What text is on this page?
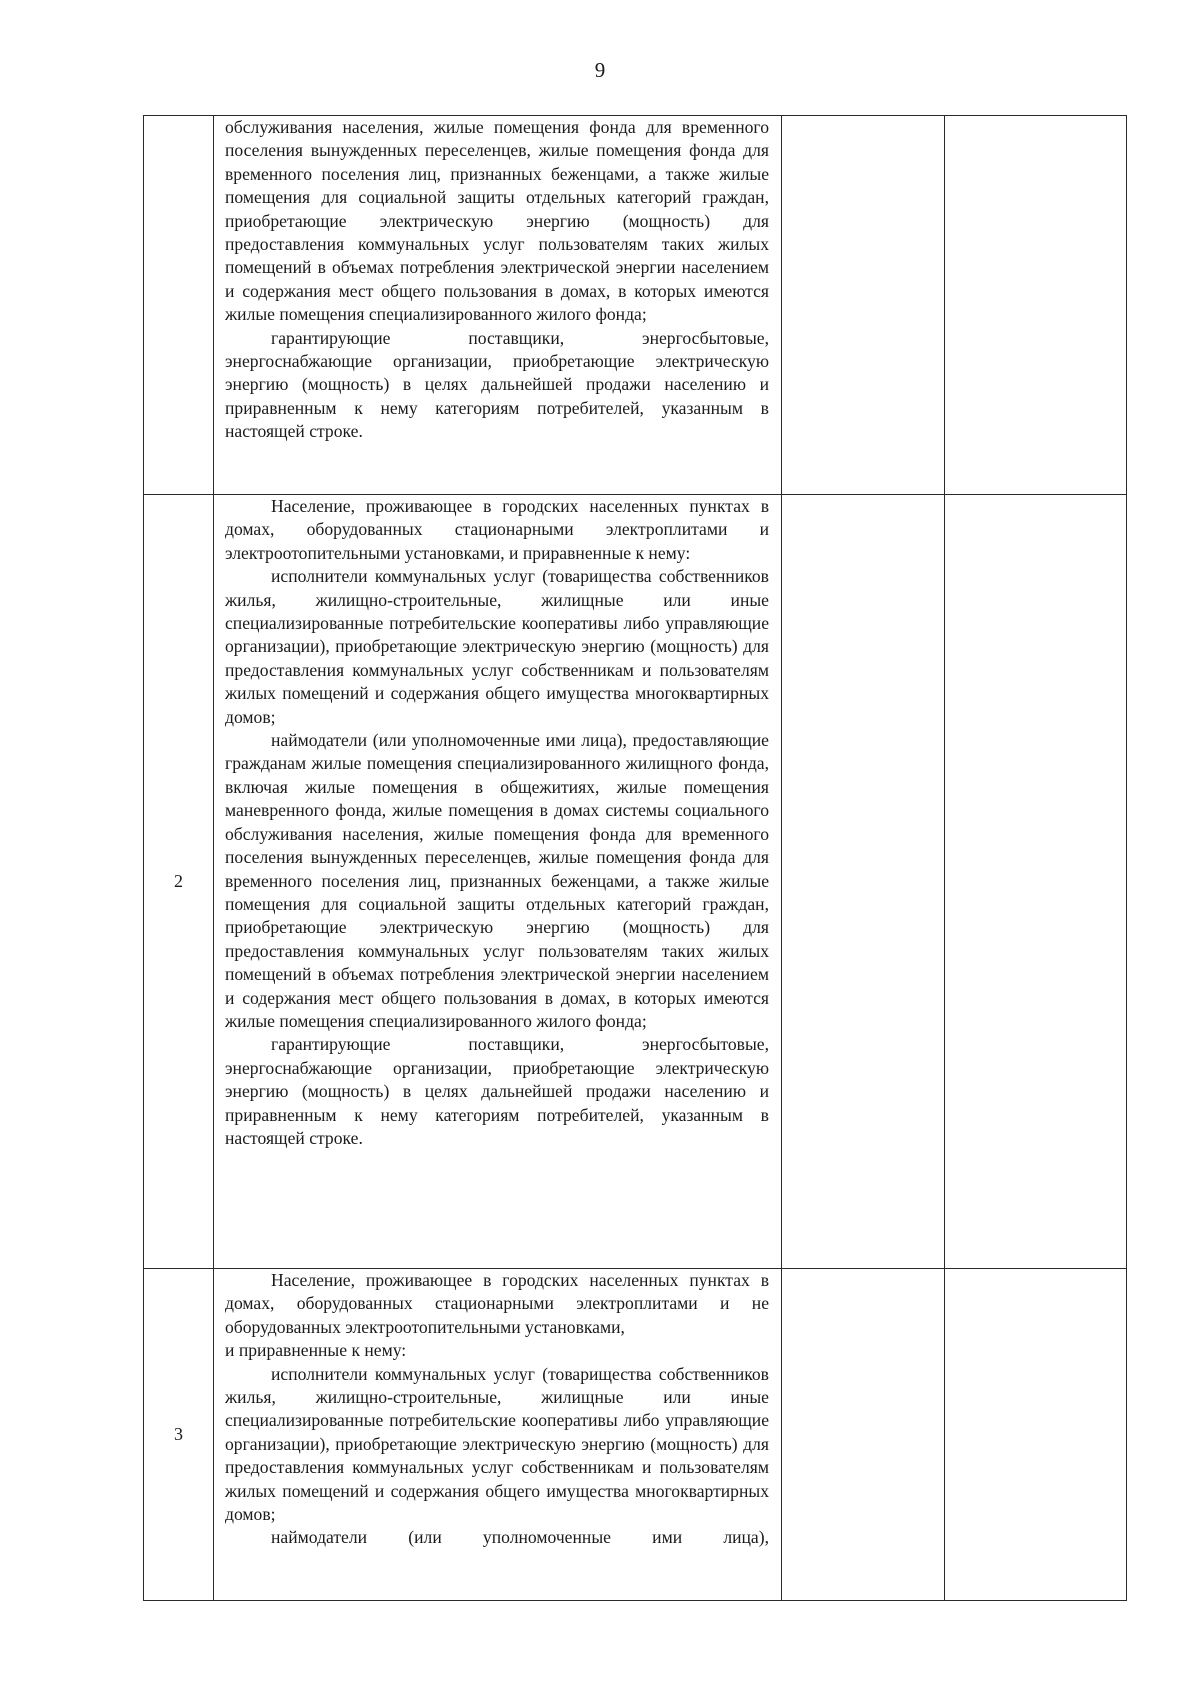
9

	обслуживания населения, жилые помещения фонда для временного поселения вынужденных переселенцев, жилые помещения фонда для временного поселения лиц, признанных беженцами, а также жилые помещения для социальной защиты отдельных категорий граждан, приобретающие электрическую энергию (мощность) для предоставления коммунальных услуг пользователям таких жилых помещений в объемах потребления электрической энергии населением и содержания мест общего пользования в домах, в которых имеются жилые помещения специализированного жилого фонда;

гарантирующие поставщики, энергосбытовые, энергоснабжающие организации, приобретающие электрическую энергию (мощность) в целях дальнейшей продажи населению и приравненным к нему категориям потребителей, указанным в настоящей строке.		

2	Население, проживающее в городских населенных пунктах в домах, оборудованных стационарными электроплитами и электроотопительными установками, и приравненные к нему:

исполнители коммунальных услуг (товарищества собственников жилья, жилищно-строительные, жилищные или иные специализированные потребительские кооперативы либо управляющие организации), приобретающие электрическую энергию (мощность) для предоставления коммунальных услуг собственникам и пользователям жилых помещений и содержания общего имущества многоквартирных домов;

наймодатели (или уполномоченные ими лица), предоставляющие гражданам жилые помещения специализированного жилищного фонда, включая жилые помещения в общежитиях, жилые помещения маневренного фонда, жилые помещения в домах системы социального обслуживания населения, жилые помещения фонда для временного поселения вынужденных переселенцев, жилые помещения фонда для временного поселения лиц, признанных беженцами, а также жилые помещения для социальной защиты отдельных категорий граждан, приобретающие электрическую энергию (мощность) для предоставления коммунальных услуг пользователям таких жилых помещений в объемах потребления электрической энергии населением и содержания мест общего пользования в домах, в которых имеются жилые помещения специализированного жилого фонда;

гарантирующие поставщики, энергосбытовые, энергоснабжающие организации, приобретающие электрическую энергию (мощность) в целях дальнейшей продажи населению и приравненным к нему категориям потребителей, указанным в настоящей строке.		

3	Население, проживающее в городских населенных пунктах в домах, оборудованных стационарными электроплитами и не оборудованных электроотопительными установками,

и приравненные к нему:

исполнители коммунальных услуг (товарищества собственников жилья, жилищно-строительные, жилищные или иные специализированные потребительские кооперативы либо управляющие организации), приобретающие электрическую энергию (мощность) для предоставления коммунальных услуг собственникам и пользователям жилых помещений и содержания общего имущества многоквартирных домов;

наймодатели (или уполномоченные ими лица),		
